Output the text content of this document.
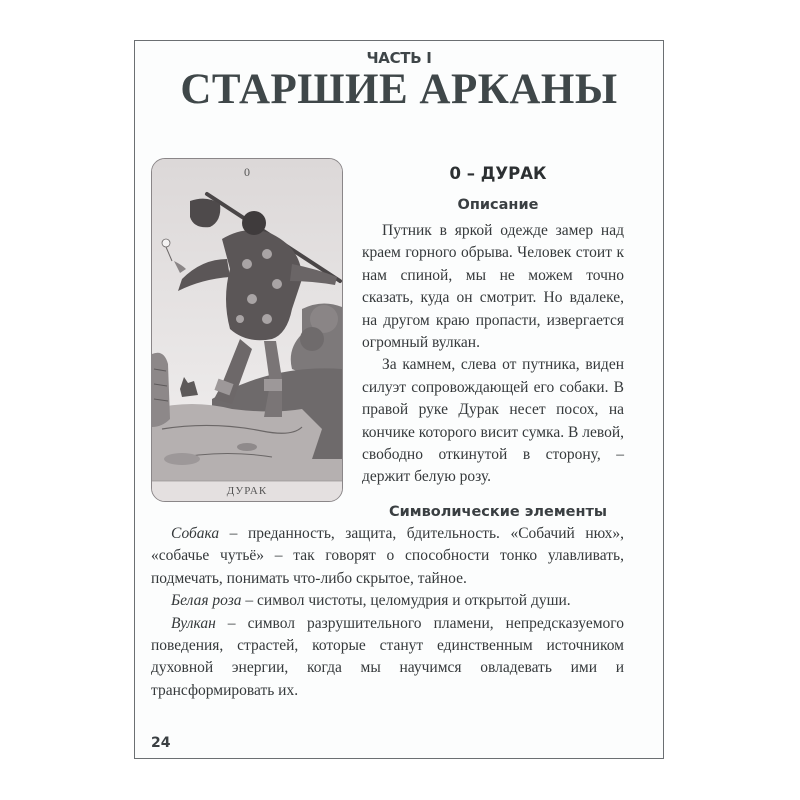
ЧАСТЬ I
СТАРШИЕ АРКАНЫ
0
ДУРАК
0 – ДУРАК
Описание

Путник в яркой одежде замер над краем горного обрыва. Человек стоит к нам спиной, мы не можем точно сказать, куда он смотрит. Но вдалеке, на другом краю пропасти, извергается огромный вулкан.

За камнем, слева от путника, виден силуэт сопровождающей его собаки. В правой руке Дурак несет посох, на кончике которого висит сумка. В левой, свободно откинутой в сторону, – держит белую розу.

Символические элементы

Собака – преданность, защита, бдительность. «Собачий нюх», «собачье чутьё» – так говорят о способности тонко улавливать, подмечать, понимать что-либо скрытое, тайное.

Белая роза – символ чистоты, целомудрия и открытой души.

Вулкан – символ разрушительного пламени, непредсказуемого поведения, страстей, которые станут единственным источником духовной энергии, когда мы научимся овладевать ими и трансформировать их.

24
